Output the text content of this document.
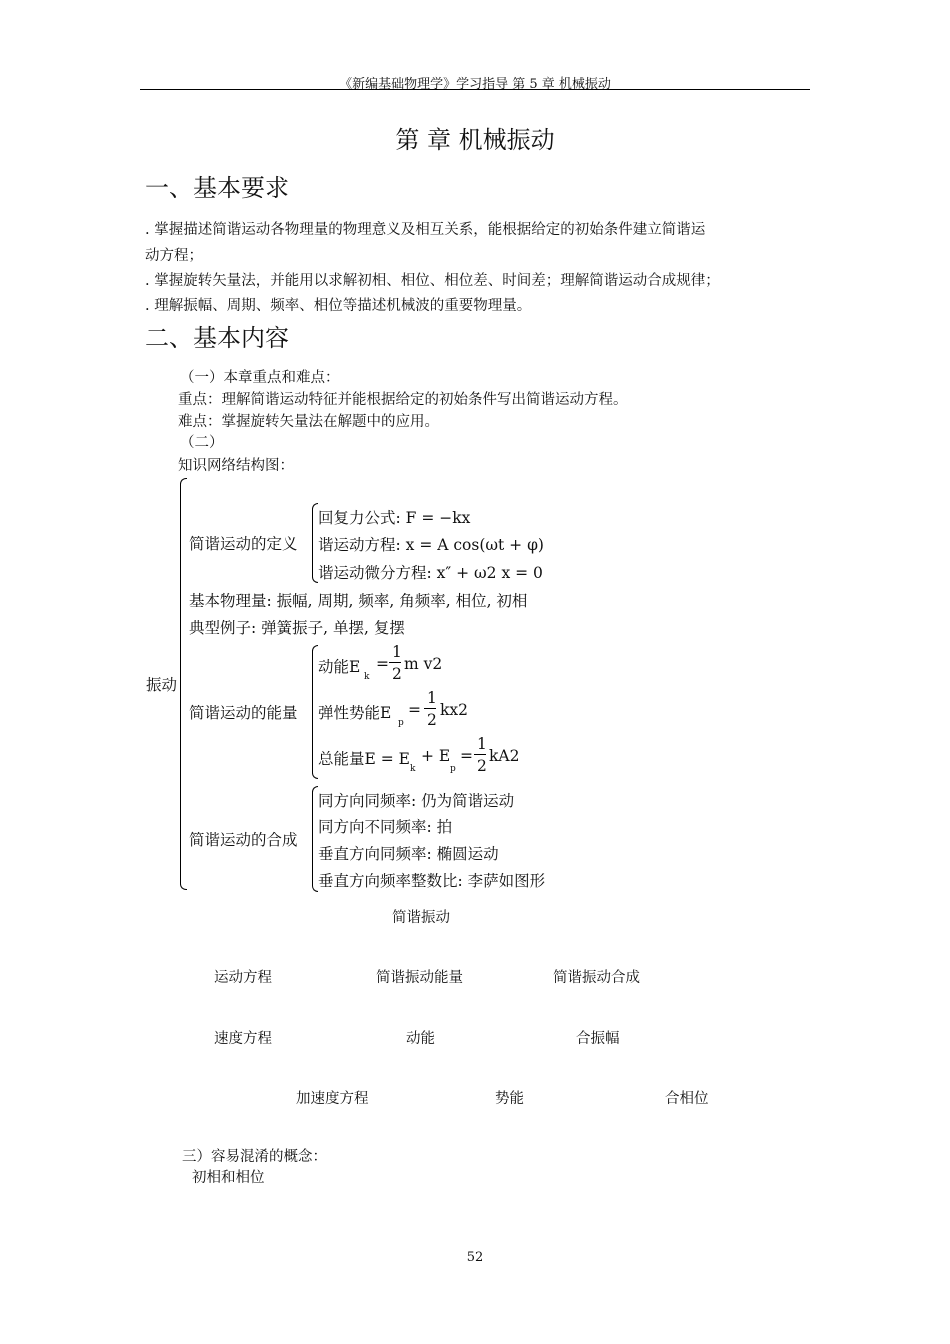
《新编基础物理学》学习指导 第 5 章 机械振动
第 章 机械振动
一、基本要求
. 掌握描述简谐运动各物理量的物理意义及相互关系，能根据给定的初始条件建立简谐运
动方程；
. 掌握旋转矢量法，并能用以求解初相、相位、相位差、时间差；理解简谐运动合成规律；
. 理解振幅、周期、频率、相位等描述机械波的重要物理量。
二、基本内容
（一）本章重点和难点：
重点：理解简谐运动特征并能根据给定的初始条件写出简谐运动方程。
难点：掌握旋转矢量法在解题中的应用。
（二）
知识网络结构图：
振动
简谐运动的定义
回复力公式: F = −kx
谐运动方程: x = A cos(ωt + φ)
谐运动微分方程: x″ + ω2 x = 0
基本物理量: 振幅, 周期, 频率, 角频率, 相位, 初相
典型例子: 弹簧振子, 单摆, 复摆
简谐运动的能量
动能E
k
=
1
2
m v2
弹性势能E
p
=
1
2
kx2
总能量E = E
k
+ E
p
=
1
2
kA2
简谐运动的合成
同方向同频率: 仍为简谐运动
同方向不同频率: 拍
垂直方向同频率: 椭圆运动
垂直方向频率整数比: 李萨如图形
简谐振动
运动方程	简谐振动能量	简谐振动合成
速度方程	动能	合振幅
加速度方程	势能	合相位
三）容易混淆的概念：
初相和相位
52
